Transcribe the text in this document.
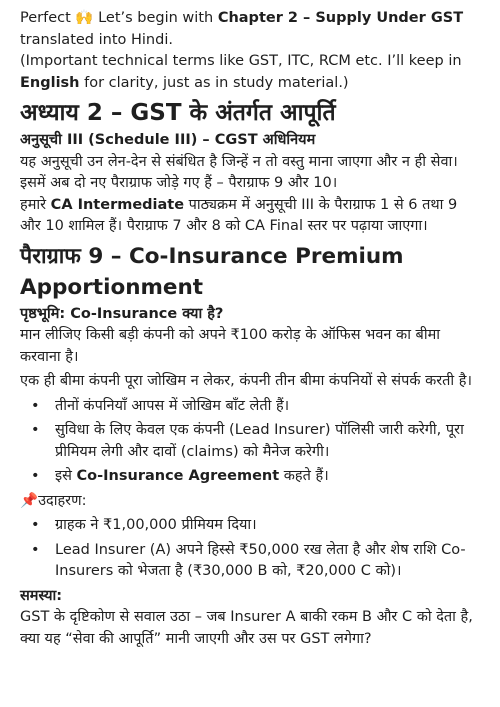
Perfect 🙌 Let’s begin with Chapter 2 – Supply Under GST translated into Hindi.

(Important technical terms like GST, ITC, RCM etc. I’ll keep in English for clarity, just as in study material.)

अध्याय 2 – GST के अंतर्गत आपूर्ति
अनुसूची III (Schedule III) – CGST अधिनियम

यह अनुसूची उन लेन-देन से संबंधित है जिन्हें न तो वस्तु माना जाएगा और न ही सेवा। इसमें अब दो नए पैराग्राफ जोड़े गए हैं – पैराग्राफ 9 और 10।

हमारे CA Intermediate पाठ्यक्रम में अनुसूची III के पैराग्राफ 1 से 6 तथा 9 और 10 शामिल हैं। पैराग्राफ 7 और 8 को CA Final स्तर पर पढ़ाया जाएगा।

पैराग्राफ 9 – Co-Insurance Premium Apportionment
पृष्ठभूमि: Co-Insurance क्या है?

मान लीजिए किसी बड़ी कंपनी को अपने ₹100 करोड़ के ऑफिस भवन का बीमा करवाना है।

एक ही बीमा कंपनी पूरा जोखिम न लेकर, कंपनी तीन बीमा कंपनियों से संपर्क करती है।

• तीनों कंपनियाँ आपस में जोखिम बाँट लेती हैं।
• सुविधा के लिए केवल एक कंपनी (Lead Insurer) पॉलिसी जारी करेगी, पूरा प्रीमियम लेगी और दावों (claims) को मैनेज करेगी।
• इसे Co-Insurance Agreement कहते हैं।

📌उदाहरण:

• ग्राहक ने ₹1,00,000 प्रीमियम दिया।
• Lead Insurer (A) अपने हिस्से ₹50,000 रख लेता है और शेष राशि Co-Insurers को भेजता है (₹30,000 B को, ₹20,000 C को)।
समस्या:

GST के दृष्टिकोण से सवाल उठा – जब Insurer A बाकी रकम B और C को देता है, क्या यह “सेवा की आपूर्ति” मानी जाएगी और उस पर GST लगेगा?
